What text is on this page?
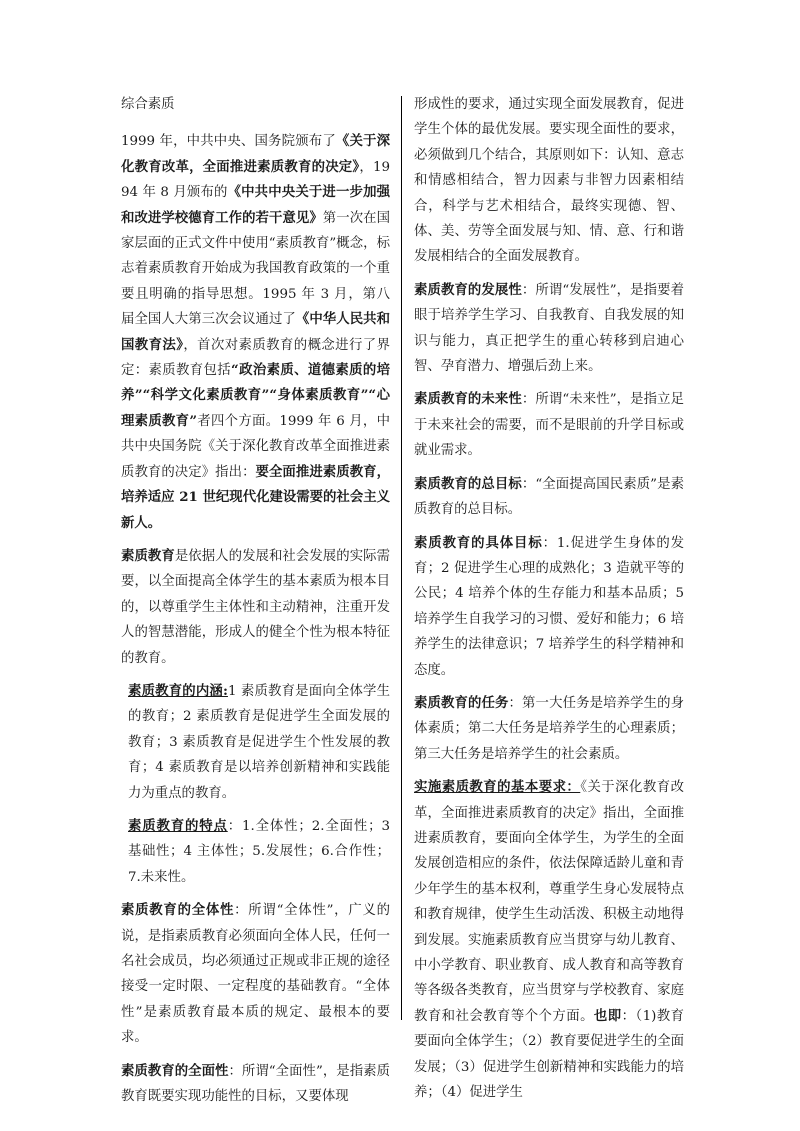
综合素质

1999 年，中共中央、国务院颁布了《关于深化教育改革，全面推进素质教育的决定》，1994 年 8 月颁布的《中共中央关于进一步加强和改进学校德育工作的若干意见》第一次在国家层面的正式文件中使用“素质教育”概念，标志着素质教育开始成为我国教育政策的一个重要且明确的指导思想。1995 年 3 月，第八届全国人大第三次会议通过了《中华人民共和国教育法》，首次对素质教育的概念进行了界定：素质教育包括“政治素质、道德素质的培养”“科学文化素质教育”“身体素质教育”“心理素质教育”者四个方面。1999 年 6 月，中共中央国务院《关于深化教育改革全面推进素质教育的决定》指出：要全面推进素质教育，培养适应 21 世纪现代化建设需要的社会主义新人。

素质教育是依据人的发展和社会发展的实际需要，以全面提高全体学生的基本素质为根本目的，以尊重学生主体性和主动精神，注重开发人的智慧潜能，形成人的健全个性为根本特征的教育。

素质教育的内涵:1 素质教育是面向全体学生的教育；2 素质教育是促进学生全面发展的教育；3 素质教育是促进学生个性发展的教育；4 素质教育是以培养创新精神和实践能力为重点的教育。

素质教育的特点：1.全体性；2.全面性；3 基础性；4 主体性；5.发展性；6.合作性；7.未来性。

素质教育的全体性：所谓“全体性”，广义的说，是指素质教育必须面向全体人民，任何一名社会成员，均必须通过正规或非正规的途径接受一定时限、一定程度的基础教育。“全体性”是素质教育最本质的规定、最根本的要求。

素质教育的全面性：所谓“全面性”，是指素质教育既要实现功能性的目标，又要体现

形成性的要求，通过实现全面发展教育，促进学生个体的最优发展。要实现全面性的要求，必须做到几个结合，其原则如下：认知、意志和情感相结合，智力因素与非智力因素相结合，科学与艺术相结合，最终实现德、智、体、美、劳等全面发展与知、情、意、行和谐发展相结合的全面发展教育。

素质教育的发展性：所谓“发展性”，是指要着眼于培养学生学习、自我教育、自我发展的知识与能力，真正把学生的重心转移到启迪心智、孕育潜力、增强后劲上来。

素质教育的未来性：所谓“未来性”，是指立足于未来社会的需要，而不是眼前的升学目标或就业需求。

素质教育的总目标：“全面提高国民素质”是素质教育的总目标。

素质教育的具体目标：1.促进学生身体的发育；2 促进学生心理的成熟化；3 造就平等的公民；4 培养个体的生存能力和基本品质；5 培养学生自我学习的习惯、爱好和能力；6 培养学生的法律意识；7 培养学生的科学精神和态度。

素质教育的任务：第一大任务是培养学生的身体素质；第二大任务是培养学生的心理素质；第三大任务是培养学生的社会素质。

实施素质教育的基本要求：《关于深化教育改革，全面推进素质教育的决定》指出，全面推进素质教育，要面向全体学生，为学生的全面发展创造相应的条件，依法保障适龄儿童和青少年学生的基本权利，尊重学生身心发展特点和教育规律，使学生生动活泼、积极主动地得到发展。实施素质教育应当贯穿与幼儿教育、中小学教育、职业教育、成人教育和高等教育等各级各类教育，应当贯穿与学校教育、家庭教育和社会教育等个个方面。也即：（1)教育要面向全体学生；（2）教育要促进学生的全面发展；（3）促进学生创新精神和实践能力的培养；（4）促进学生
